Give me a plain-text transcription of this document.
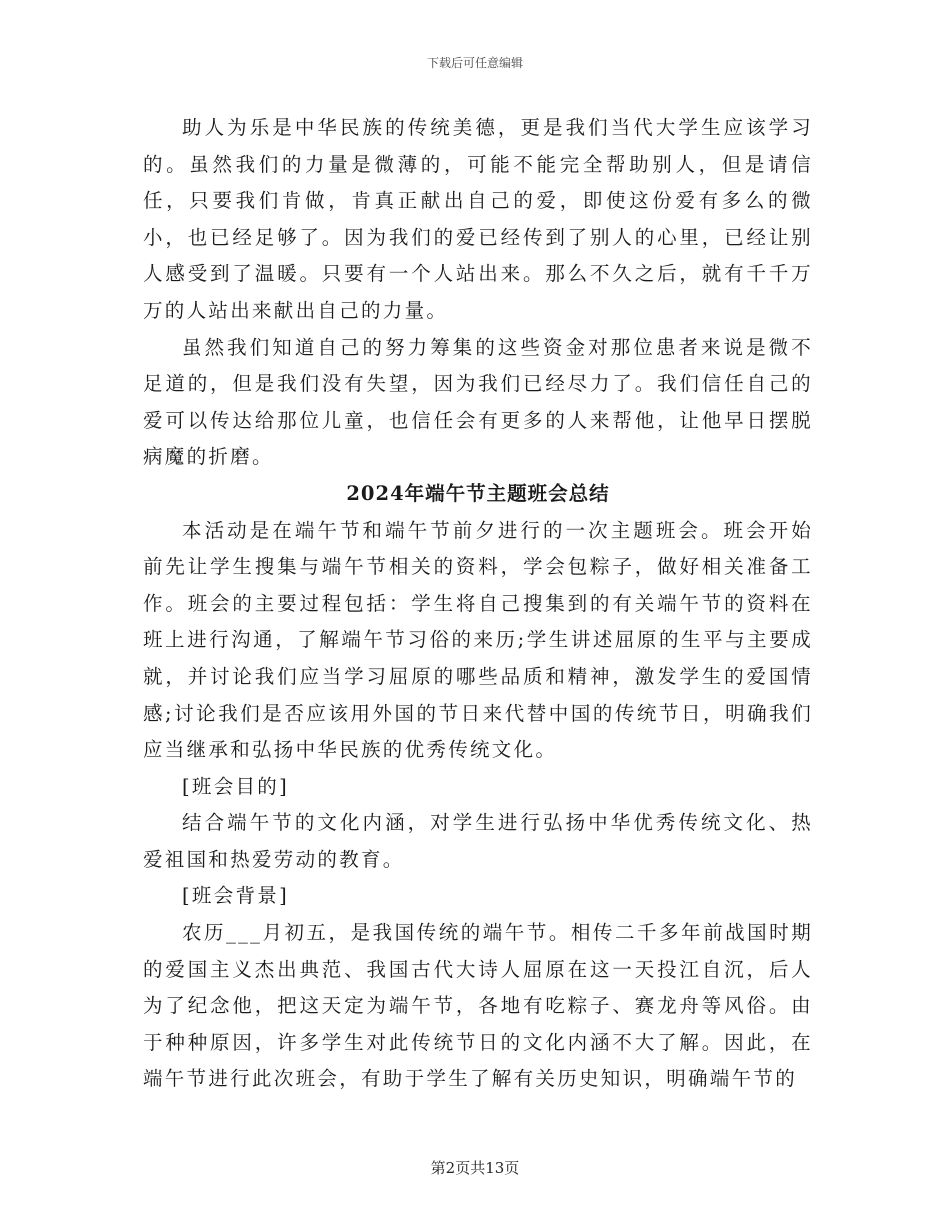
下载后可任意编辑

助人为乐是中华民族的传统美德，更是我们当代大学生应该学习的。虽然我们的力量是微薄的，可能不能完全帮助别人，但是请信任，只要我们肯做，肯真正献出自己的爱，即使这份爱有多么的微小，也已经足够了。因为我们的爱已经传到了别人的心里，已经让别人感受到了温暖。只要有一个人站出来。那么不久之后，就有千千万万的人站出来献出自己的力量。

虽然我们知道自己的努力筹集的这些资金对那位患者来说是微不足道的，但是我们没有失望，因为我们已经尽力了。我们信任自己的爱可以传达给那位儿童，也信任会有更多的人来帮他，让他早日摆脱病魔的折磨。

2024年端午节主题班会总结

本活动是在端午节和端午节前夕进行的一次主题班会。班会开始前先让学生搜集与端午节相关的资料，学会包粽子，做好相关准备工作。班会的主要过程包括：学生将自己搜集到的有关端午节的资料在班上进行沟通，了解端午节习俗的来历;学生讲述屈原的生平与主要成就，并讨论我们应当学习屈原的哪些品质和精神，激发学生的爱国情感;讨论我们是否应该用外国的节日来代替中国的传统节日，明确我们应当继承和弘扬中华民族的优秀传统文化。

[班会目的]

结合端午节的文化内涵，对学生进行弘扬中华优秀传统文化、热爱祖国和热爱劳动的教育。

[班会背景]

农历___月初五，是我国传统的端午节。相传二千多年前战国时期的爱国主义杰出典范、我国古代大诗人屈原在这一天投江自沉，后人为了纪念他，把这天定为端午节，各地有吃粽子、赛龙舟等风俗。由于种种原因，许多学生对此传统节日的文化内涵不大了解。因此，在端午节进行此次班会，有助于学生了解有关历史知识，明确端午节的

第2页共13页
